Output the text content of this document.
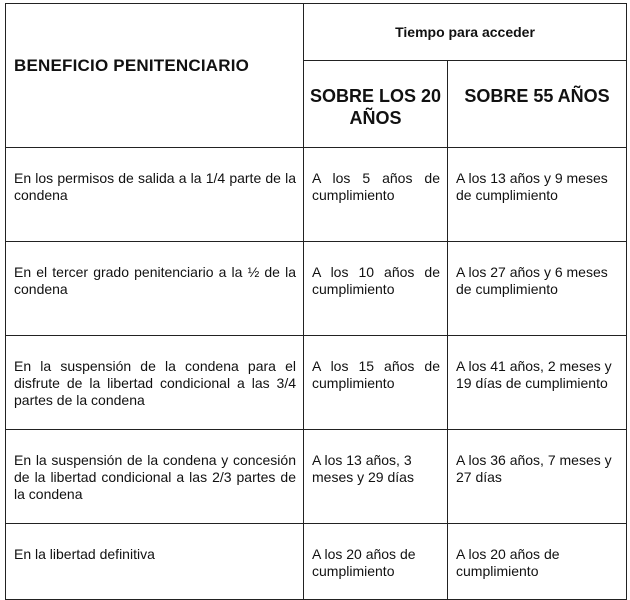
BENEFICIO PENITENCIARIO	Tiempo para acceder	
	SOBRE LOS 20 AÑOS	SOBRE 55 AÑOS
En los permisos de salida a la 1/4 parte de la condena	A los 5 años de cumplimiento	A los 13 años y 9 meses de cumplimiento
En el tercer grado penitenciario a la ½ de la condena	A los 10 años de cumplimiento	A los 27 años y 6 meses de cumplimiento
En la suspensión de la condena para el disfrute de la libertad condicional a las 3/4 partes de la condena	A los 15 años de cumplimiento	A los 41 años, 2 meses y 19 días de cumplimiento
En la suspensión de la condena y concesión de la libertad condicional a las 2/3 partes de la condena	A los 13 años, 3 meses y 29 días	A los 36 años, 7 meses y 27 días
En la libertad definitiva	A los 20 años de cumplimiento	A los 20 años de cumplimiento
